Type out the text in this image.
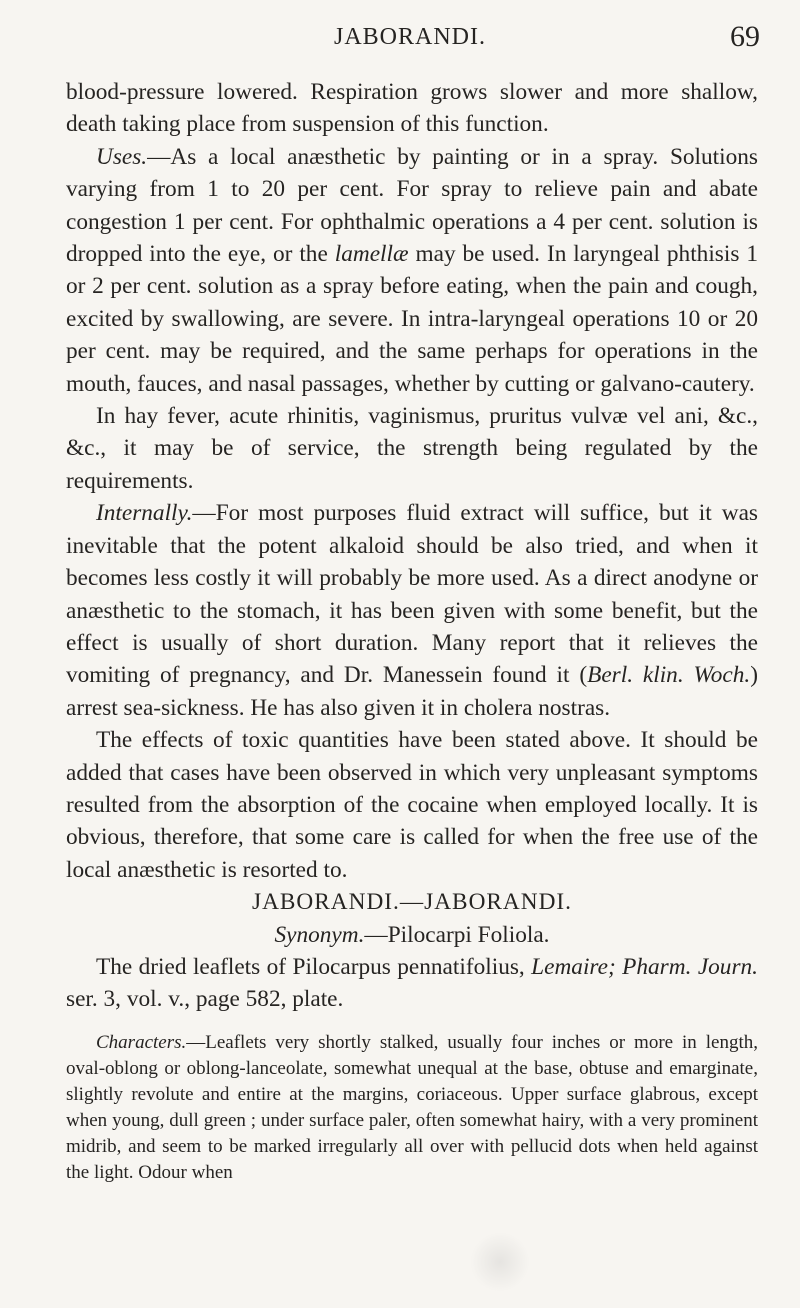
JABORANDI.	69

blood-pressure lowered. Respiration grows slower and more shallow, death taking place from suspension of this function.

Uses.—As a local anæsthetic by painting or in a spray. Solutions varying from 1 to 20 per cent. For spray to relieve pain and abate congestion 1 per cent. For ophthalmic operations a 4 per cent. solution is dropped into the eye, or the lamellæ may be used. In laryngeal phthisis 1 or 2 per cent. solution as a spray before eating, when the pain and cough, excited by swallowing, are severe. In intra-laryngeal operations 10 or 20 per cent. may be required, and the same perhaps for operations in the mouth, fauces, and nasal passages, whether by cutting or galvano-cautery.

In hay fever, acute rhinitis, vaginismus, pruritus vulvæ vel ani, &c., &c., it may be of service, the strength being regulated by the requirements.

Internally.—For most purposes fluid extract will suffice, but it was inevitable that the potent alkaloid should be also tried, and when it becomes less costly it will probably be more used. As a direct anodyne or anæsthetic to the stomach, it has been given with some benefit, but the effect is usually of short duration. Many report that it relieves the vomiting of pregnancy, and Dr. Manessein found it (Berl. klin. Woch.) arrest sea-sickness. He has also given it in cholera nostras.

The effects of toxic quantities have been stated above. It should be added that cases have been observed in which very unpleasant symptoms resulted from the absorption of the cocaine when employed locally. It is obvious, therefore, that some care is called for when the free use of the local anæsthetic is resorted to.

JABORANDI.—JABORANDI.

Synonym.—Pilocarpi Foliola.

The dried leaflets of Pilocarpus pennatifolius, Lemaire; Pharm. Journ. ser. 3, vol. v., page 582, plate.

Characters.—Leaflets very shortly stalked, usually four inches or more in length, oval-oblong or oblong-lanceolate, somewhat unequal at the base, obtuse and emarginate, slightly revolute and entire at the margins, coriaceous. Upper surface glabrous, except when young, dull green ; under surface paler, often somewhat hairy, with a very prominent midrib, and seem to be marked irregularly all over with pellucid dots when held against the light. Odour when
